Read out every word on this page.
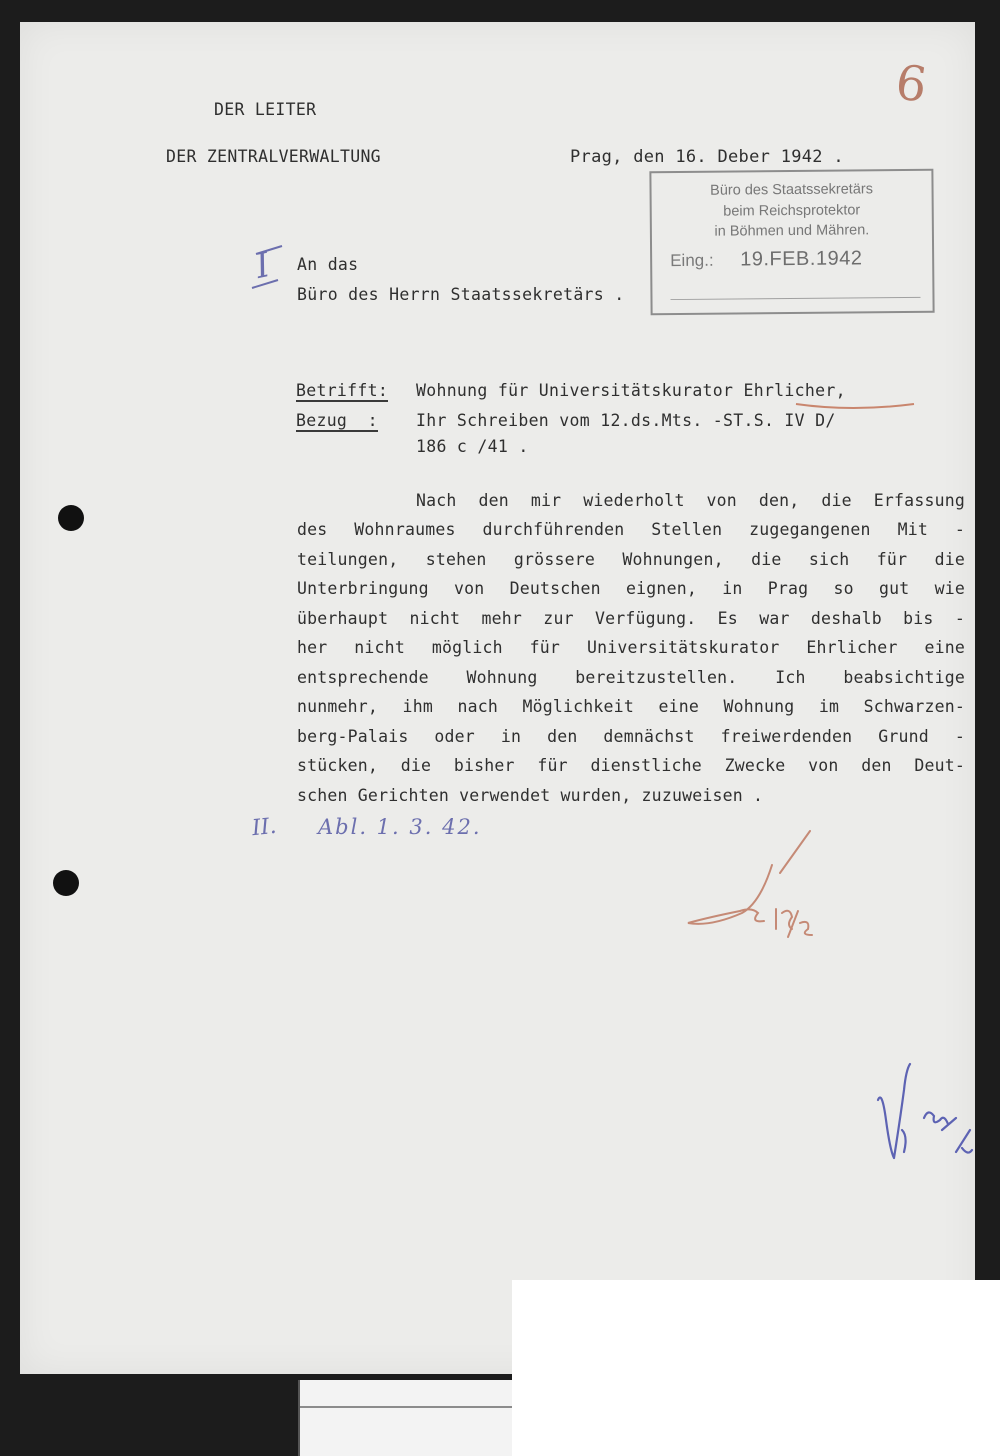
6
DER LEITER
DER ZENTRALVERWALTUNG	Prag, den 16. Deber 1942 .
Büro des Staatssekretärs
beim Reichsprotektor
in Böhmen und Mähren.
Eing.: 19.FEB.1942
I An das
Büro des Herrn Staatssekretärs .
Betrifft: Wohnung für Universitätskurator Ehrlicher,
Bezug  : Ihr Schreiben vom 12.ds.Mts. -ST.S. IV D/
186 c /41 .
Nach den mir wiederholt von den, die Erfassung
des Wohnraumes durchführenden Stellen zugegangenen Mit -
teilungen, stehen grössere Wohnungen, die sich für die
Unterbringung von Deutschen eignen, in Prag so gut wie
überhaupt nicht mehr zur Verfügung. Es war deshalb bis -
her nicht möglich für Universitätskurator Ehrlicher eine
entsprechende Wohnung bereitzustellen. Ich beabsichtige
nunmehr, ihm nach Möglichkeit eine Wohnung im Schwarzen-
berg-Palais oder in den demnächst freiwerdenden Grund -
stücken, die bisher für dienstliche Zwecke von den Deut-
schen Gerichten verwendet wurden, zuzuweisen .
II. Abl. 1. 3. 42.
